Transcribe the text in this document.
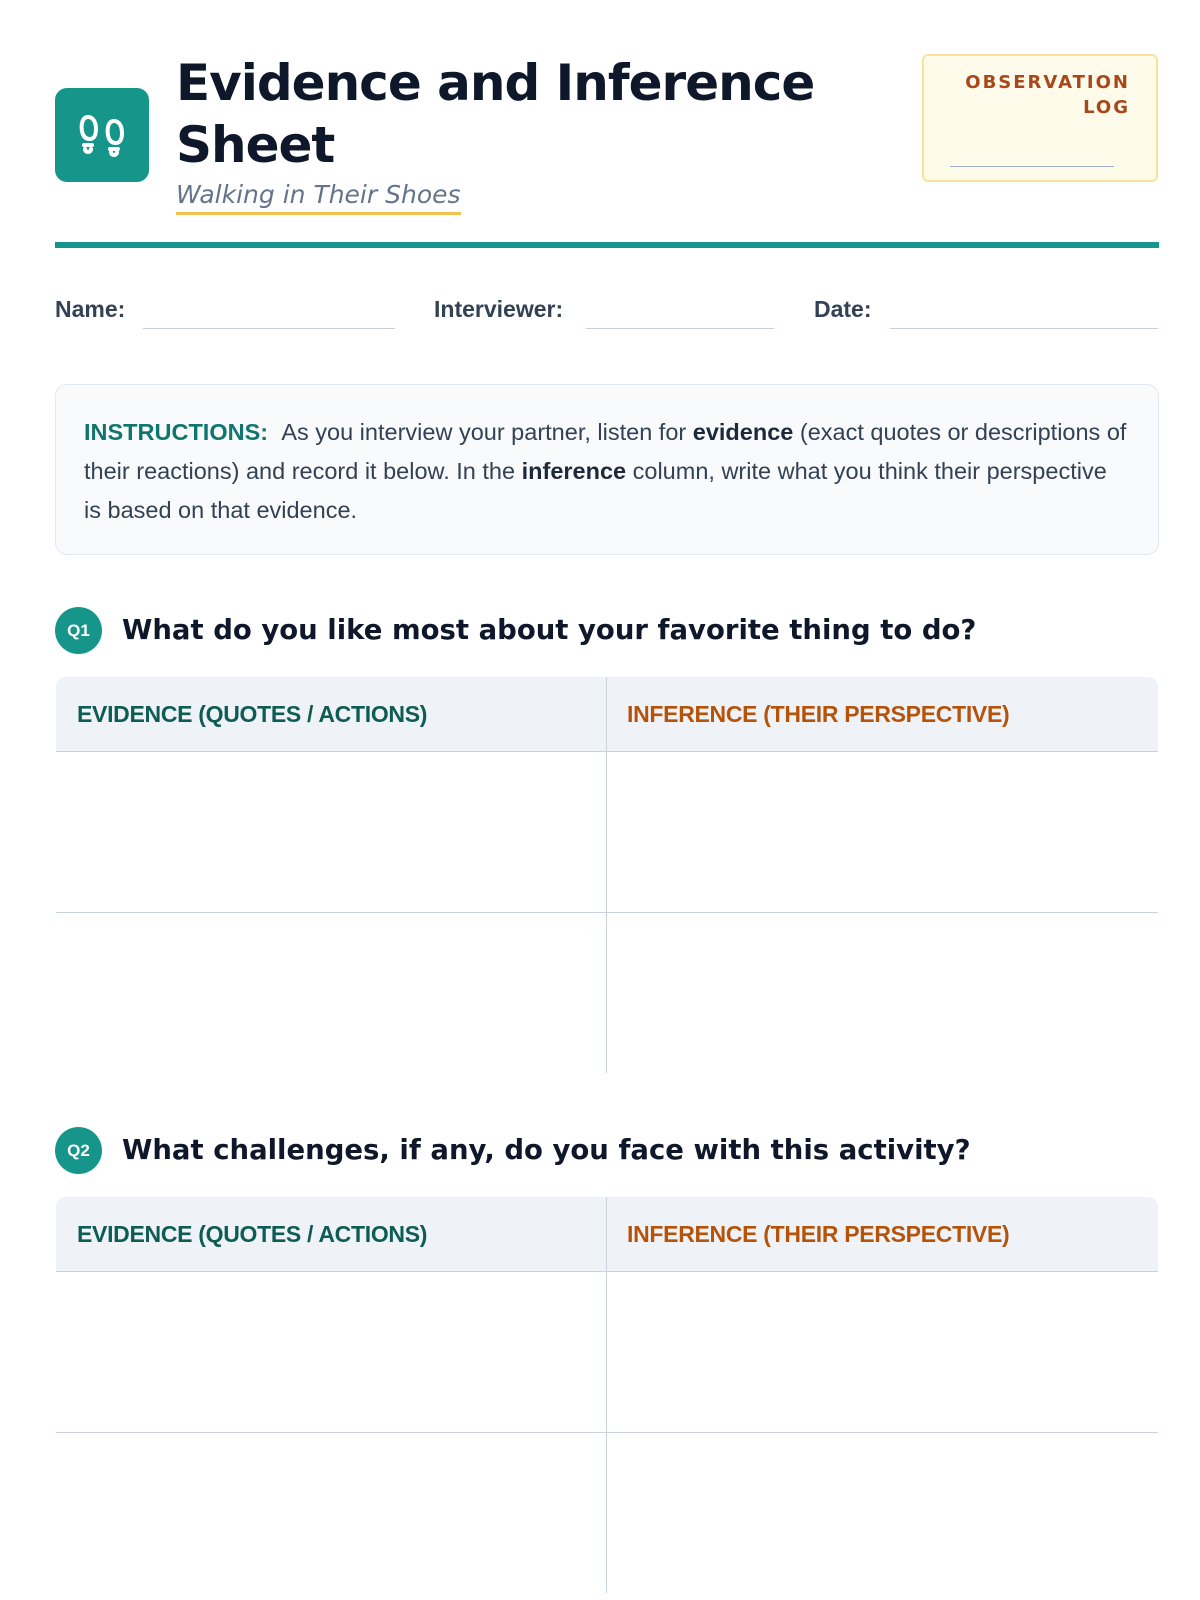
Evidence and Inference Sheet
Walking in Their Shoes
OBSERVATION LOG
Name:	Interviewer:	Date:
INSTRUCTIONS: As you interview your partner, listen for evidence (exact quotes or descriptions of their reactions) and record it below. In the inference column, write what you think their perspective is based on that evidence.
Q1	What do you like most about your favorite thing to do?
EVIDENCE (QUOTES / ACTIONS)	INFERENCE (THEIR PERSPECTIVE)
Q2	What challenges, if any, do you face with this activity?
EVIDENCE (QUOTES / ACTIONS)	INFERENCE (THEIR PERSPECTIVE)
